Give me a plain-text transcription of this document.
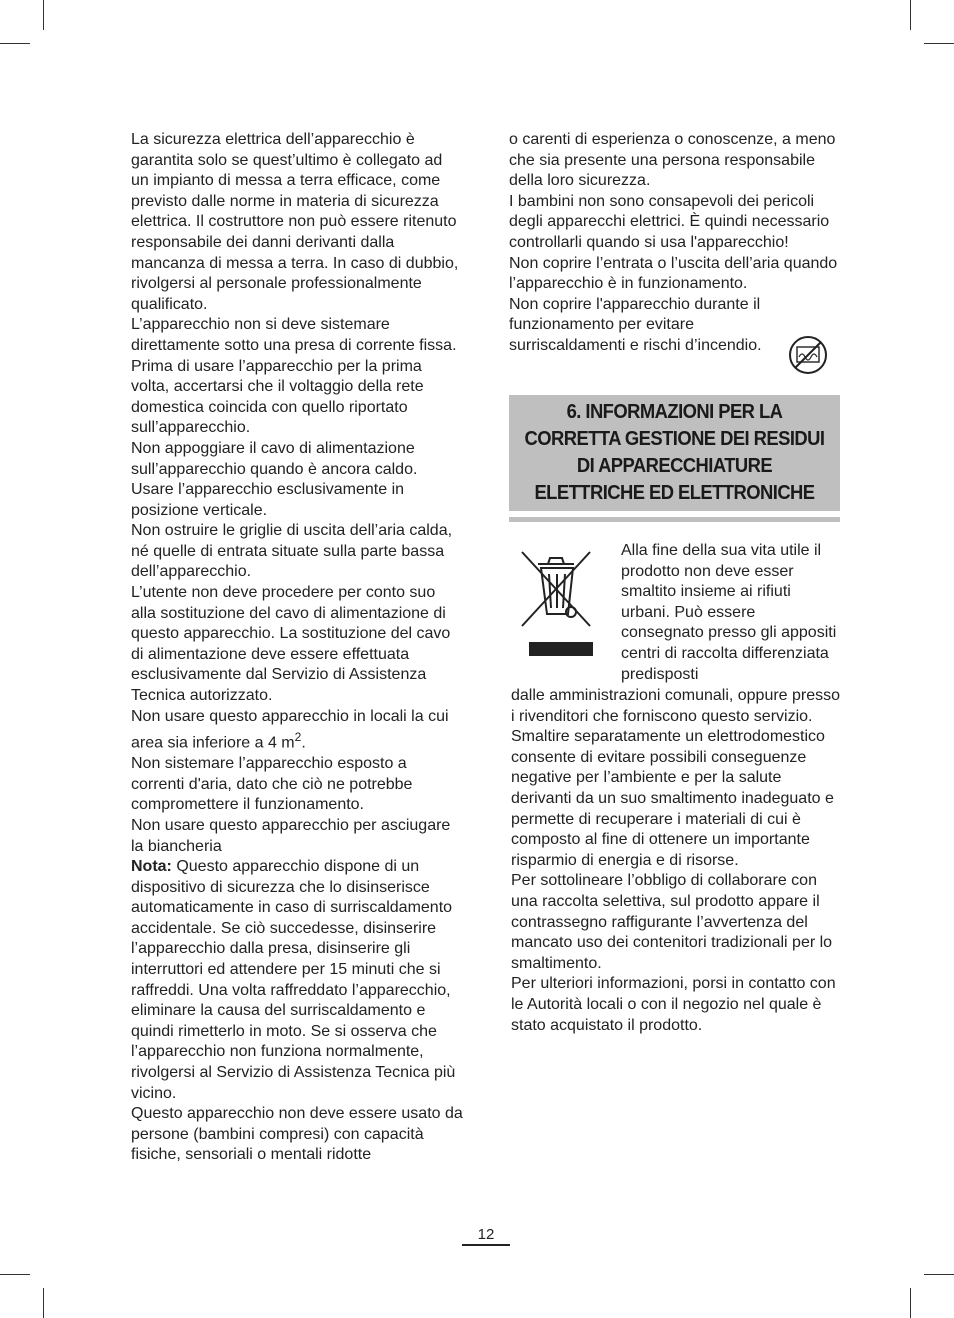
La sicurezza elettrica dell’apparecchio è garantita solo se quest’ultimo è collegato ad un impianto di messa a terra efficace, come previsto dalle norme in materia di sicurezza elettrica. Il costruttore non può essere ritenuto responsabile dei danni derivanti dalla mancanza di messa a terra. In caso di dubbio, rivolgersi al personale professionalmente qualificato.

L’apparecchio non si deve sistemare direttamente sotto una presa di corrente fissa.

Prima di usare l’apparecchio per la prima volta, accertarsi che il voltaggio della rete domestica coincida con quello riportato sull’apparecchio.

Non appoggiare il cavo di alimentazione sull’apparecchio quando è ancora caldo.

Usare l’apparecchio esclusivamente in posizione verticale.

Non ostruire le griglie di uscita dell’aria calda, né quelle di entrata situate sulla parte bassa dell’apparecchio.

L’utente non deve procedere per conto suo alla sostituzione del cavo di alimentazione di questo apparecchio. La sostituzione del cavo di alimentazione deve essere effettuata esclusivamente dal Servizio di Assistenza Tecnica autorizzato.

Non usare questo apparecchio in locali la cui area sia inferiore a 4 $m^2$.

Non sistemare l’apparecchio esposto a correnti d'aria, dato che ciò ne potrebbe compromettere il funzionamento.

Non usare questo apparecchio per asciugare la biancheria

Nota: Questo apparecchio dispone di un dispositivo di sicurezza che lo disinserisce automaticamente in caso di surriscaldamento accidentale. Se ciò succedesse, disinserire l’apparecchio dalla presa, disinserire gli interruttori ed attendere per 15 minuti che si raffreddi. Una volta raffreddato l’apparecchio, eliminare la causa del surriscaldamento e quindi rimetterlo in moto. Se si osserva che l’apparecchio non funziona normalmente, rivolgersi al Servizio di Assistenza Tecnica più vicino.

Questo apparecchio non deve essere usato da persone (bambini compresi) con capacità fisiche, sensoriali o mentali ridotte

o carenti di esperienza o conoscenze, a meno che sia presente una persona responsabile della loro sicurezza.

I bambini non sono consapevoli dei pericoli degli apparecchi elettrici. È quindi necessario controllarli quando si usa l'apparecchio!

Non coprire l’entrata o l’uscita dell’aria quando l’apparecchio è in funzionamento.

Non coprire l'apparecchio durante il funzionamento per evitare surriscaldamenti e rischi d’incendio.

6. INFORMAZIONI PER LA CORRETTA GESTIONE DEI RESIDUI DI APPARECCHIATURE ELETTRICHE ED ELETTRONICHE
Alla fine della sua vita utile il prodotto non deve esser smaltito insieme ai rifiuti urbani. Può essere consegnato presso gli appositi centri di raccolta differenziata predisposti
dalle amministrazioni comunali, oppure presso i rivenditori che forniscono questo servizio. Smaltire separatamente un elettrodomestico consente di evitare possibili conseguenze negative per l’ambiente e per la salute derivanti da un suo smaltimento inadeguato e permette di recuperare i materiali di cui è composto al fine di ottenere un importante risparmio di energia e di risorse.
Per sottolineare l’obbligo di collaborare con una raccolta selettiva, sul prodotto appare il contrassegno raffigurante l’avvertenza del mancato uso dei contenitori tradizionali per lo smaltimento.
Per ulteriori informazioni, porsi in contatto con le Autorità locali o con il negozio nel quale è stato acquistato il prodotto.
12
